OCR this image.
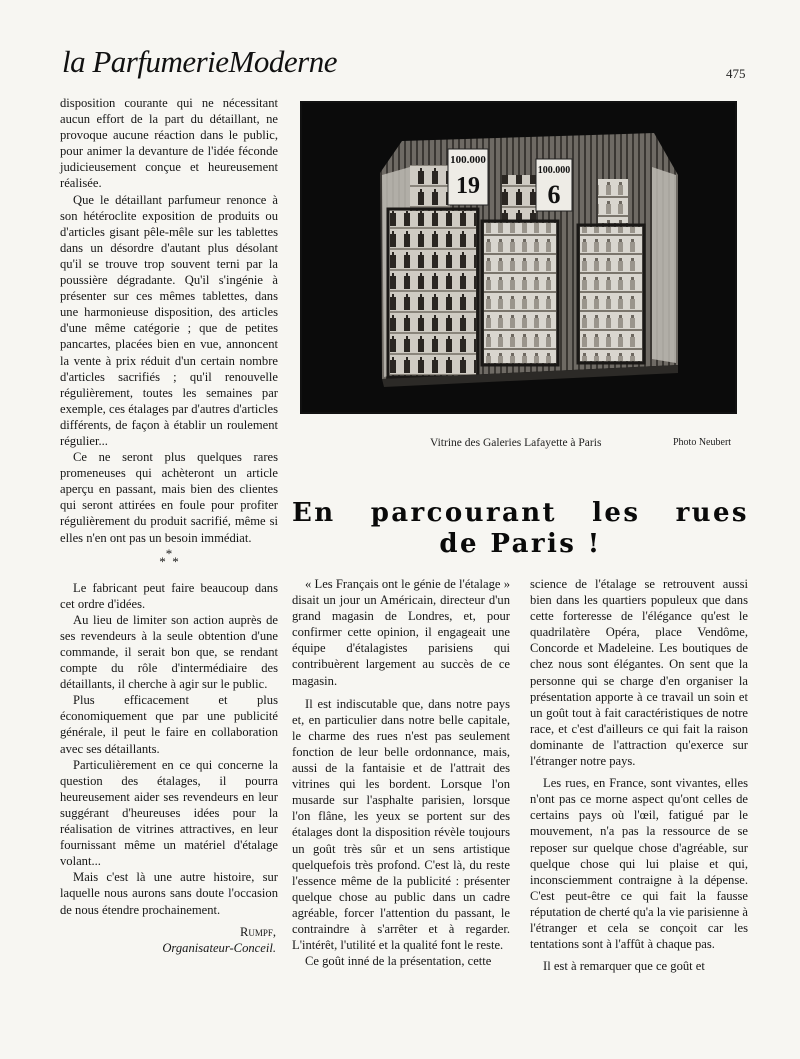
la ParfumerieModerne	475

disposition courante qui ne nécessitant aucun effort de la part du détaillant, ne provoque aucune réaction dans le public, pour animer la devanture de l'idée féconde judicieusement conçue et heureusement réalisée.

Que le détaillant parfumeur renonce à son hétéroclite exposition de produits ou d'articles gisant pêle-mêle sur les tablettes dans un désordre d'autant plus désolant qu'il se trouve trop souvent terni par la poussière dégradante. Qu'il s'ingénie à présenter sur ces mêmes tablettes, dans une harmonieuse disposition, des articles d'une même catégorie ; que de petites pancartes, placées bien en vue, annoncent la vente à prix réduit d'un certain nombre d'articles sacrifiés ; qu'il renouvelle régulièrement, toutes les semaines par exemple, ces étalages par d'autres d'articles différents, de façon à établir un roulement régulier...

Ce ne seront plus quelques rares promeneuses qui achèteront un article aperçu en passant, mais bien des clientes qui seront attirées en foule pour profiter régulièrement du produit sacrifié, même si elles n'en ont pas un besoin immédiat.

*
* *

Le fabricant peut faire beaucoup dans cet ordre d'idées.

Au lieu de limiter son action auprès de ses revendeurs à la seule obtention d'une commande, il serait bon que, se rendant compte du rôle d'intermédiaire des détaillants, il cherche à agir sur le public.

Plus efficacement et plus économiquement que par une publicité générale, il peut le faire en collaboration avec ses détaillants.

Particulièrement en ce qui concerne la question des étalages, il pourra heureusement aider ses revendeurs en leur suggérant d'heureuses idées pour la réalisation de vitrines attractives, en leur fournissant même un matériel d'étalage volant...

Mais c'est là une autre histoire, sur laquelle nous aurons sans doute l'occasion de nous étendre prochainement.

Rumpf,
Organisateur-Conceil.
100.000
19
100.000
6
Vitrine des Galeries Lafayette à Paris	Photo Neubert
En parcourant les rues
de Paris !

« Les Français ont le génie de l'étalage » disait un jour un Américain, directeur d'un grand magasin de Londres, et, pour confirmer cette opinion, il engageait une équipe d'étalagistes parisiens qui contribuèrent largement au succès de ce magasin.

Il est indiscutable que, dans notre pays et, en particulier dans notre belle capitale, le charme des rues n'est pas seulement fonction de leur belle ordonnance, mais, aussi de la fantaisie et de l'attrait des vitrines qui les bordent. Lorsque l'on musarde sur l'asphalte parisien, lorsque l'on flâne, les yeux se portent sur des étalages dont la disposition révèle toujours un goût très sûr et un sens artistique quelquefois très profond. C'est là, du reste l'essence même de la publicité : présenter quelque chose au public dans un cadre agréable, forcer l'attention du passant, le contraindre à s'arrêter et à regarder. L'intérêt, l'utilité et la qualité font le reste.

Ce goût inné de la présentation, cette

science de l'étalage se retrouvent aussi bien dans les quartiers populeux que dans cette forteresse de l'élégance qu'est le quadrilatère Opéra, place Vendôme, Concorde et Madeleine. Les boutiques de chez nous sont élégantes. On sent que la personne qui se charge d'en organiser la présentation apporte à ce travail un soin et un goût tout à fait caractéristiques de notre race, et c'est d'ailleurs ce qui fait la raison dominante de l'attraction qu'exerce sur l'étranger notre pays.

Les rues, en France, sont vivantes, elles n'ont pas ce morne aspect qu'ont celles de certains pays où l'œil, fatigué par le mouvement, n'a pas la ressource de se reposer sur quelque chose d'agréable, sur quelque chose qui lui plaise et qui, inconsciemment contraigne à la dépense. C'est peut-être ce qui fait la fausse réputation de cherté qu'a la vie parisienne à l'étranger et cela se conçoit car les tentations sont à l'affût à chaque pas.

Il est à remarquer que ce goût et
